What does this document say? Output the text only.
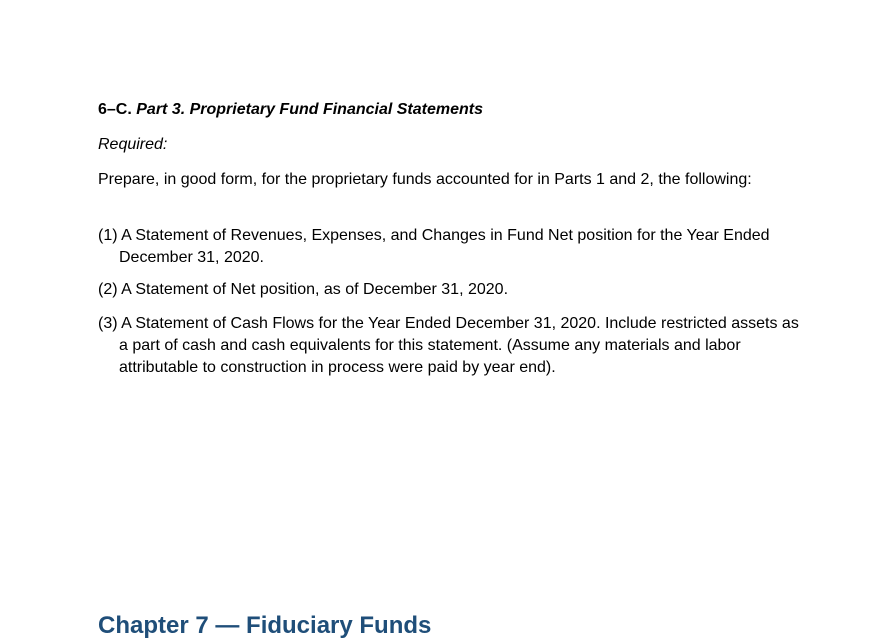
6–C. Part 3. Proprietary Fund Financial Statements
Required:
Prepare, in good form, for the proprietary funds accounted for in Parts 1 and 2, the following:
(1) A Statement of Revenues, Expenses, and Changes in Fund Net position for the Year Ended December 31, 2020.
(2) A Statement of Net position, as of December 31, 2020.
(3) A Statement of Cash Flows for the Year Ended December 31, 2020. Include restricted assets as a part of cash and cash equivalents for this statement. (Assume any materials and labor attributable to construction in process were paid by year end).
Chapter 7 — Fiduciary Funds
